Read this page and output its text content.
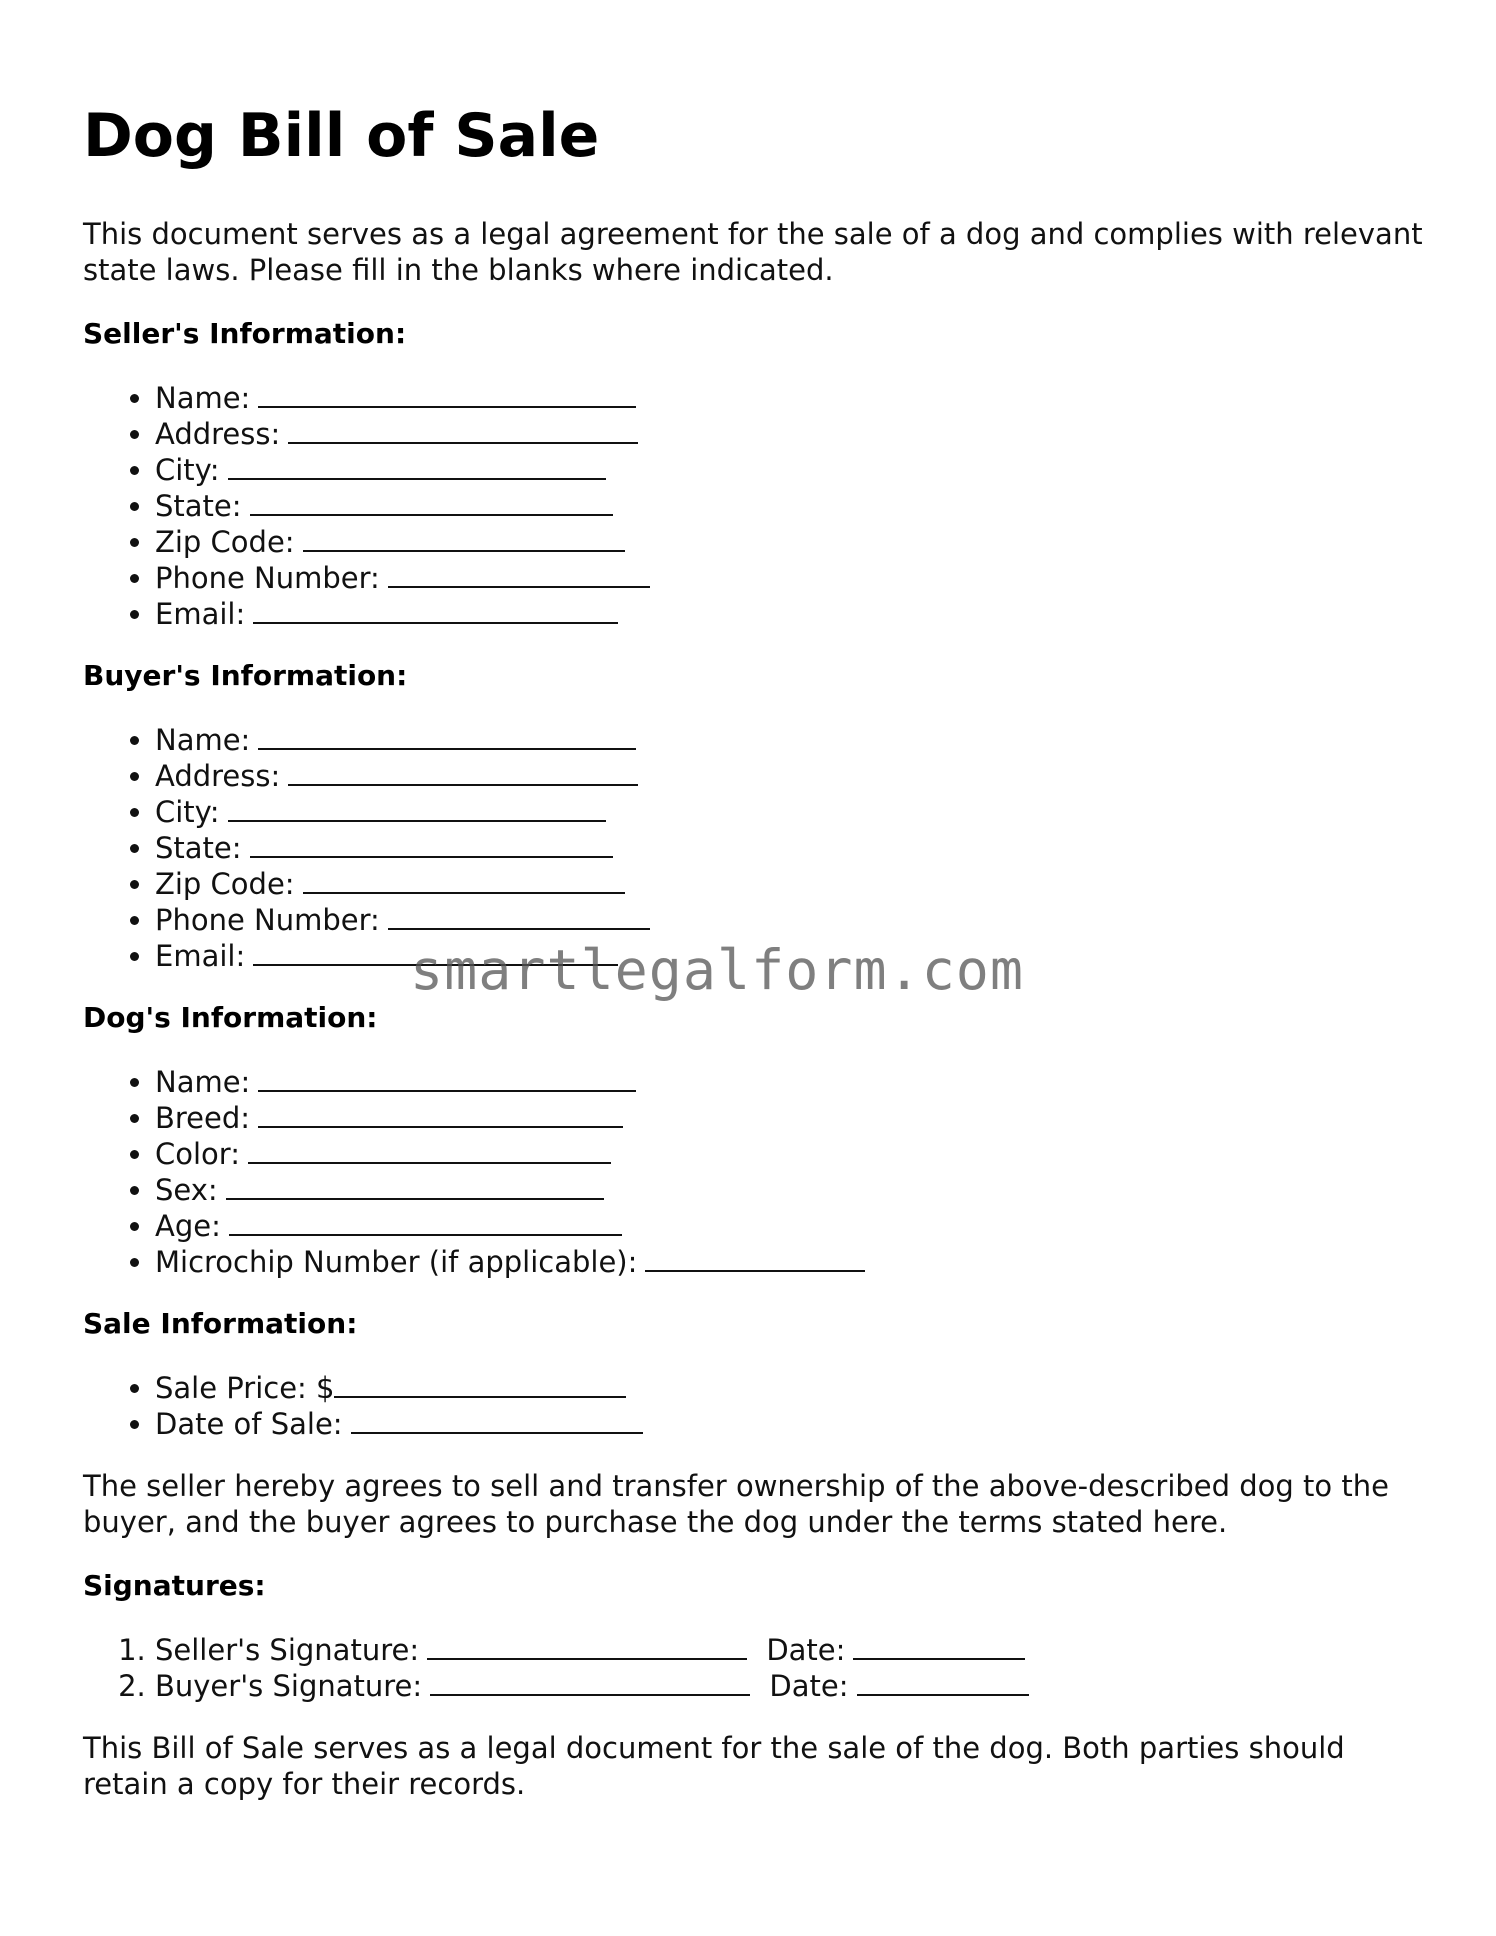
Dog Bill of Sale

This document serves as a legal agreement for the sale of a dog and complies with relevant state laws. Please fill in the blanks where indicated.

Seller's Information:
• Name:
• Address:
• City:
• State:
• Zip Code:
• Phone Number:
• Email:
Buyer's Information:
• Name:
• Address:
• City:
• State:
• Zip Code:
• Phone Number:
• Email:
Dog's Information:
• Name:
• Breed:
• Color:
• Sex:
• Age:
• Microchip Number (if applicable):
Sale Information:
• Sale Price: $
• Date of Sale:

The seller hereby agrees to sell and transfer ownership of the above-described dog to the buyer, and the buyer agrees to purchase the dog under the terms stated here.

Signatures:
1. Seller's Signature:	Date:
2. Buyer's Signature:	Date:

This Bill of Sale serves as a legal document for the sale of the dog. Both parties should retain a copy for their records.

smartlegalform.com
